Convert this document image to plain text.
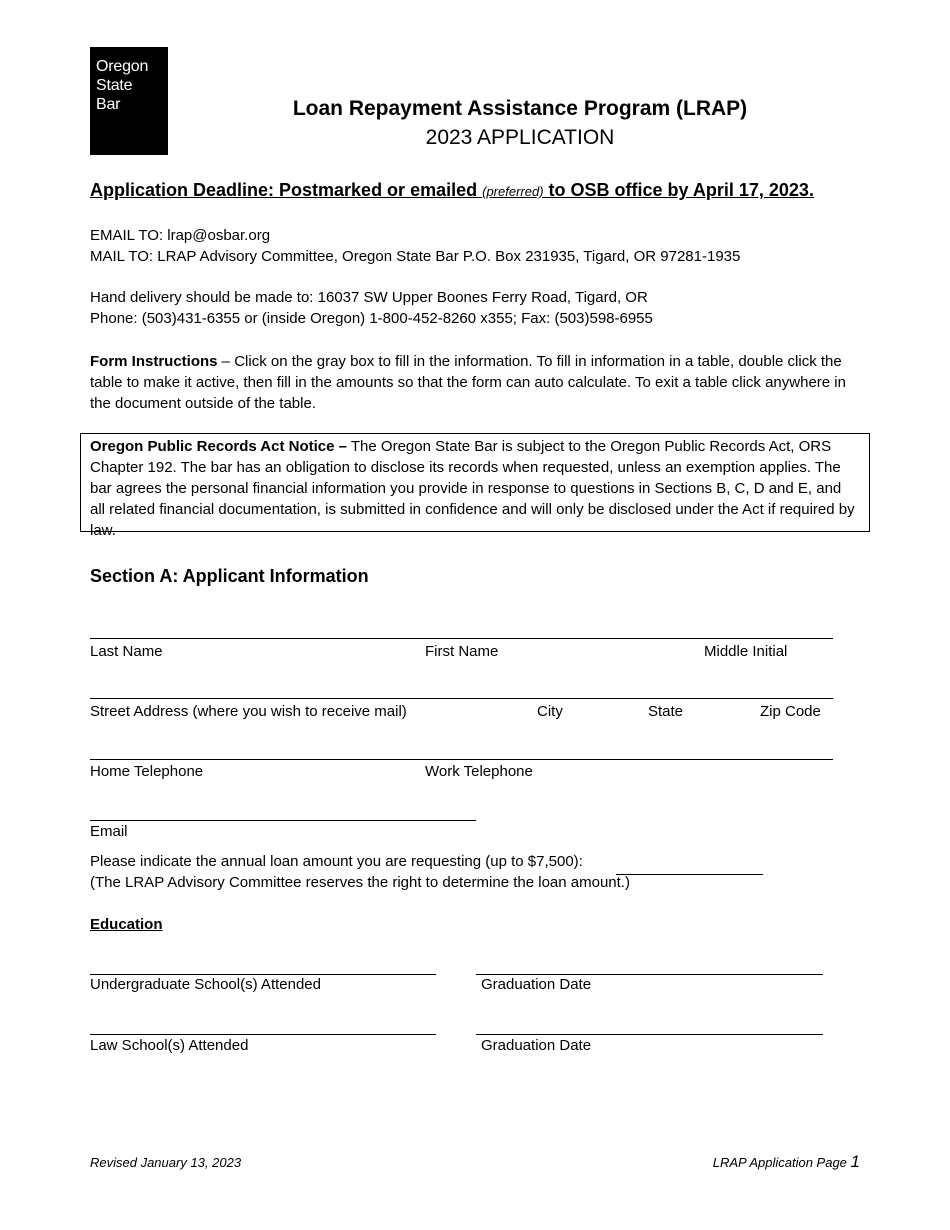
Oregon
State
Bar	Loan Repayment Assistance Program (LRAP)
2023 APPLICATION
Application Deadline: Postmarked or emailed (preferred) to OSB office by April 17, 2023.
EMAIL TO: lrap@osbar.org
MAIL TO: LRAP Advisory Committee, Oregon State Bar P.O. Box 231935, Tigard, OR 97281-1935
Hand delivery should be made to: 16037 SW Upper Boones Ferry Road, Tigard, OR
Phone: (503)431-6355 or (inside Oregon) 1-800-452-8260 x355; Fax: (503)598-6955
Form Instructions – Click on the gray box to fill in the information. To fill in information in a table, double click the table to make it active, then fill in the amounts so that the form can auto calculate. To exit a table click anywhere in the document outside of the table.
Oregon Public Records Act Notice – The Oregon State Bar is subject to the Oregon Public Records Act, ORS Chapter 192. The bar has an obligation to disclose its records when requested, unless an exemption applies. The bar agrees the personal financial information you provide in response to questions in Sections B, C, D and E, and all related financial documentation, is submitted in confidence and will only be disclosed under the Act if required by law.
Section A: Applicant Information
Last Name	First Name	Middle Initial
Street Address (where you wish to receive mail)	City	State	Zip Code
Home Telephone	Work Telephone
Email
Please indicate the annual loan amount you are requesting (up to $7,500):
(The LRAP Advisory Committee reserves the right to determine the loan amount.)
Education
Undergraduate School(s) Attended	Graduation Date
Law School(s) Attended	Graduation Date
Revised January 13, 2023	LRAP Application Page 1
